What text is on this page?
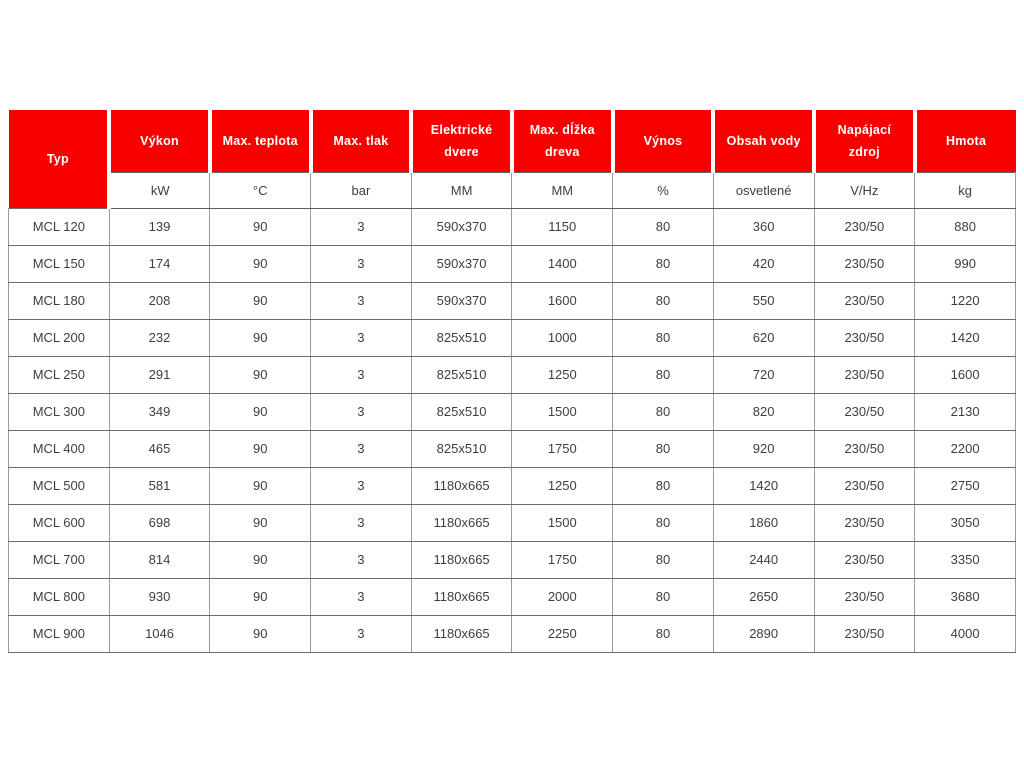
Typ	Výkon	Max. teplota	Max. tlak	Elektrické dvere	Max. dĺžka dreva	Výnos	Obsah vody	Napájací zdroj	Hmota
	kW	°C	bar	MM	MM	%	osvetlené	V/Hz	kg
MCL 120	139	90	3	590x370	1150	80	360	230/50	880
MCL 150	174	90	3	590x370	1400	80	420	230/50	990
MCL 180	208	90	3	590x370	1600	80	550	230/50	1220
MCL 200	232	90	3	825x510	1000	80	620	230/50	1420
MCL 250	291	90	3	825x510	1250	80	720	230/50	1600
MCL 300	349	90	3	825x510	1500	80	820	230/50	2130
MCL 400	465	90	3	825x510	1750	80	920	230/50	2200
MCL 500	581	90	3	1180x665	1250	80	1420	230/50	2750
MCL 600	698	90	3	1180x665	1500	80	1860	230/50	3050
MCL 700	814	90	3	1180x665	1750	80	2440	230/50	3350
MCL 800	930	90	3	1180x665	2000	80	2650	230/50	3680
MCL 900	1046	90	3	1180x665	2250	80	2890	230/50	4000
